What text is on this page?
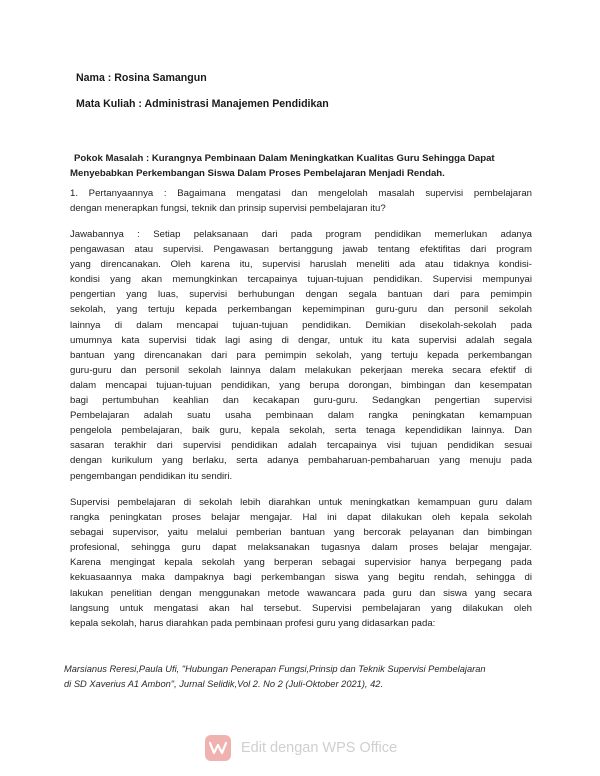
Nama : Rosina Samangun
Mata Kuliah : Administrasi Manajemen Pendidikan
Pokok Masalah : Kurangnya Pembinaan Dalam Meningkatkan Kualitas Guru Sehingga Dapat
Menyebabkan Perkembangan Siswa Dalam Proses Pembelajaran Menjadi Rendah.
1. Pertanyaannya : Bagaimana mengatasi dan mengelolah masalah supervisi pembelajaran
dengan menerapkan fungsi, teknik dan prinsip supervisi pembelajaran itu?
Jawabannya : Setiap pelaksanaan dari pada program pendidikan memerlukan adanya
pengawasan atau supervisi. Pengawasan bertanggung jawab tentang efektifitas dari program
yang direncanakan. Oleh karena itu, supervisi haruslah meneliti ada atau tidaknya kondisi-
kondisi yang akan memungkinkan tercapainya tujuan-tujuan pendidikan. Supervisi mempunyai
pengertian yang luas, supervisi berhubungan dengan segala bantuan dari para pemimpin
sekolah, yang tertuju kepada perkembangan kepemimpinan guru-guru dan personil sekolah
lainnya di dalam mencapai tujuan-tujuan pendidikan. Demikian disekolah-sekolah pada
umumnya kata supervisi tidak lagi asing di dengar, untuk itu kata supervisi adalah segala
bantuan yang direncanakan dari para pemimpin sekolah, yang tertuju kepada perkembangan
guru-guru dan personil sekolah lainnya dalam melakukan pekerjaan mereka secara efektif di
dalam mencapai tujuan-tujuan pendidikan, yang berupa dorongan, bimbingan dan kesempatan
bagi pertumbuhan keahlian dan kecakapan guru-guru. Sedangkan pengertian supervisi
Pembelajaran adalah suatu usaha pembinaan dalam rangka peningkatan kemampuan
pengelola pembelajaran, baik guru, kepala sekolah, serta tenaga kependidikan lainnya. Dan
sasaran terakhir dari supervisi pendidikan adalah tercapainya visi tujuan pendidikan sesuai
dengan kurikulum yang berlaku, serta adanya pembaharuan-pembaharuan yang menuju pada
pengembangan pendidikan itu sendiri.
Supervisi pembelajaran di sekolah lebih diarahkan untuk meningkatkan kemampuan guru dalam
rangka peningkatan proses belajar mengajar. Hal ini dapat dilakukan oleh kepala sekolah
sebagai supervisor, yaitu melalui pemberian bantuan yang bercorak pelayanan dan bimbingan
profesional, sehingga guru dapat melaksanakan tugasnya dalam proses belajar mengajar.
Karena mengingat kepala sekolah yang berperan sebagai supervisior hanya berpegang pada
kekuasaannya maka dampaknya bagi perkembangan siswa yang begitu rendah, sehingga di
lakukan penelitian dengan menggunakan metode wawancara pada guru dan siswa yang secara
langsung untuk mengatasi akan hal tersebut. Supervisi pembelajaran yang dilakukan oleh
kepala sekolah, harus diarahkan pada pembinaan profesi guru yang didasarkan pada:
Marsianus Reresi,Paula Ufi, "Hubungan Penerapan Fungsi,Prinsip dan Teknik Supervisi Pembelajaran
di SD Xaverius A1 Ambon", Jurnal Selidik,Vol 2. No 2 (Juli-Oktober 2021), 42.
Edit dengan WPS Office
